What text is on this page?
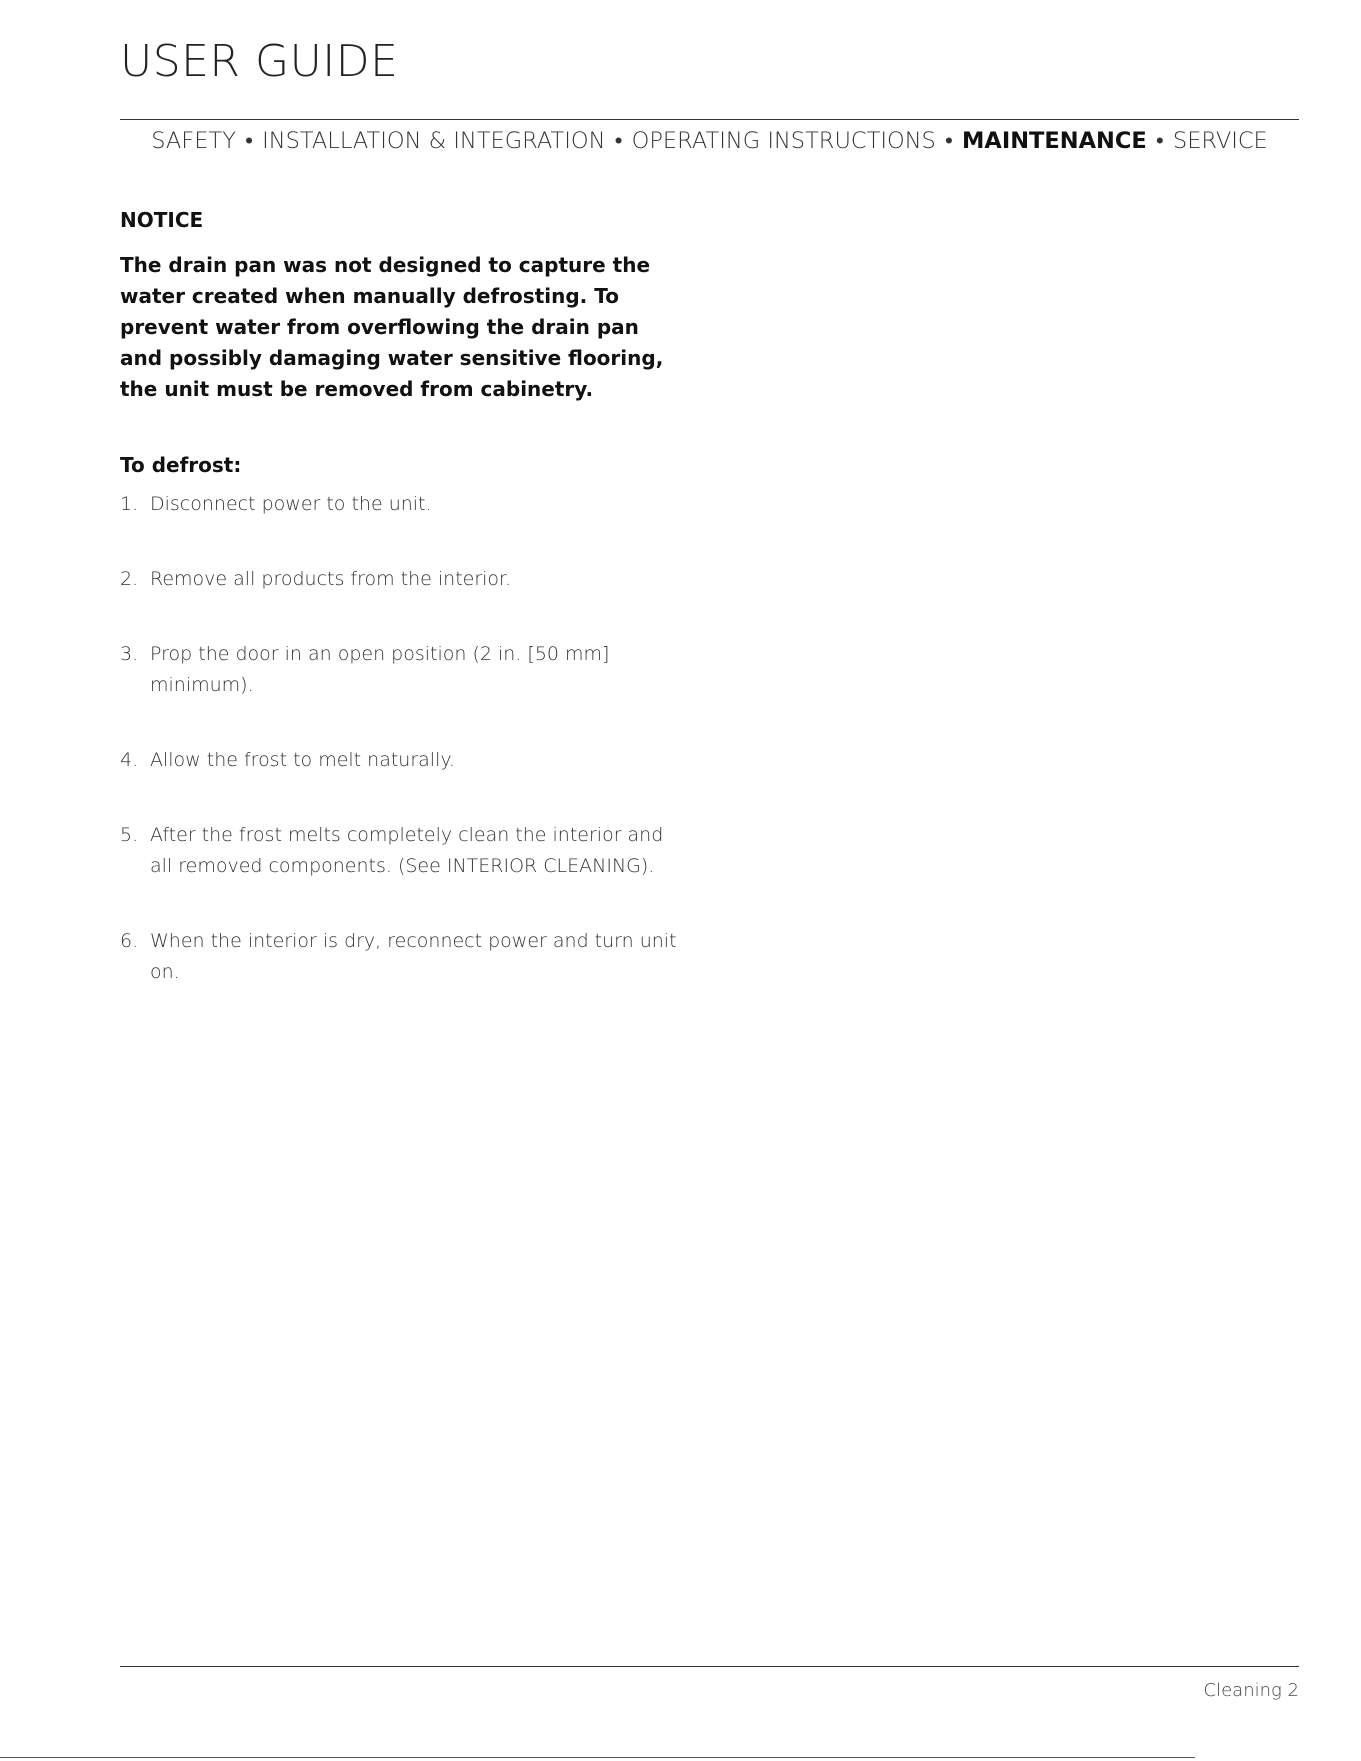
USER GUIDE
SAFETY • INSTALLATION & INTEGRATION • OPERATING INSTRUCTIONS • MAINTENANCE • SERVICE
NOTICE

The drain pan was not designed to capture the water created when manually defrosting. To prevent water from overflowing the drain pan and possibly damaging water sensitive flooring, the unit must be removed from cabinetry.

To defrost:
1. Disconnect power to the unit.
2. Remove all products from the interior.
3. Prop the door in an open position (2 in. [50 mm] minimum).
4. Allow the frost to melt naturally.
5. After the frost melts completely clean the interior and all removed components. (See INTERIOR CLEANING).
6. When the interior is dry, reconnect power and turn unit on.
Cleaning 2
